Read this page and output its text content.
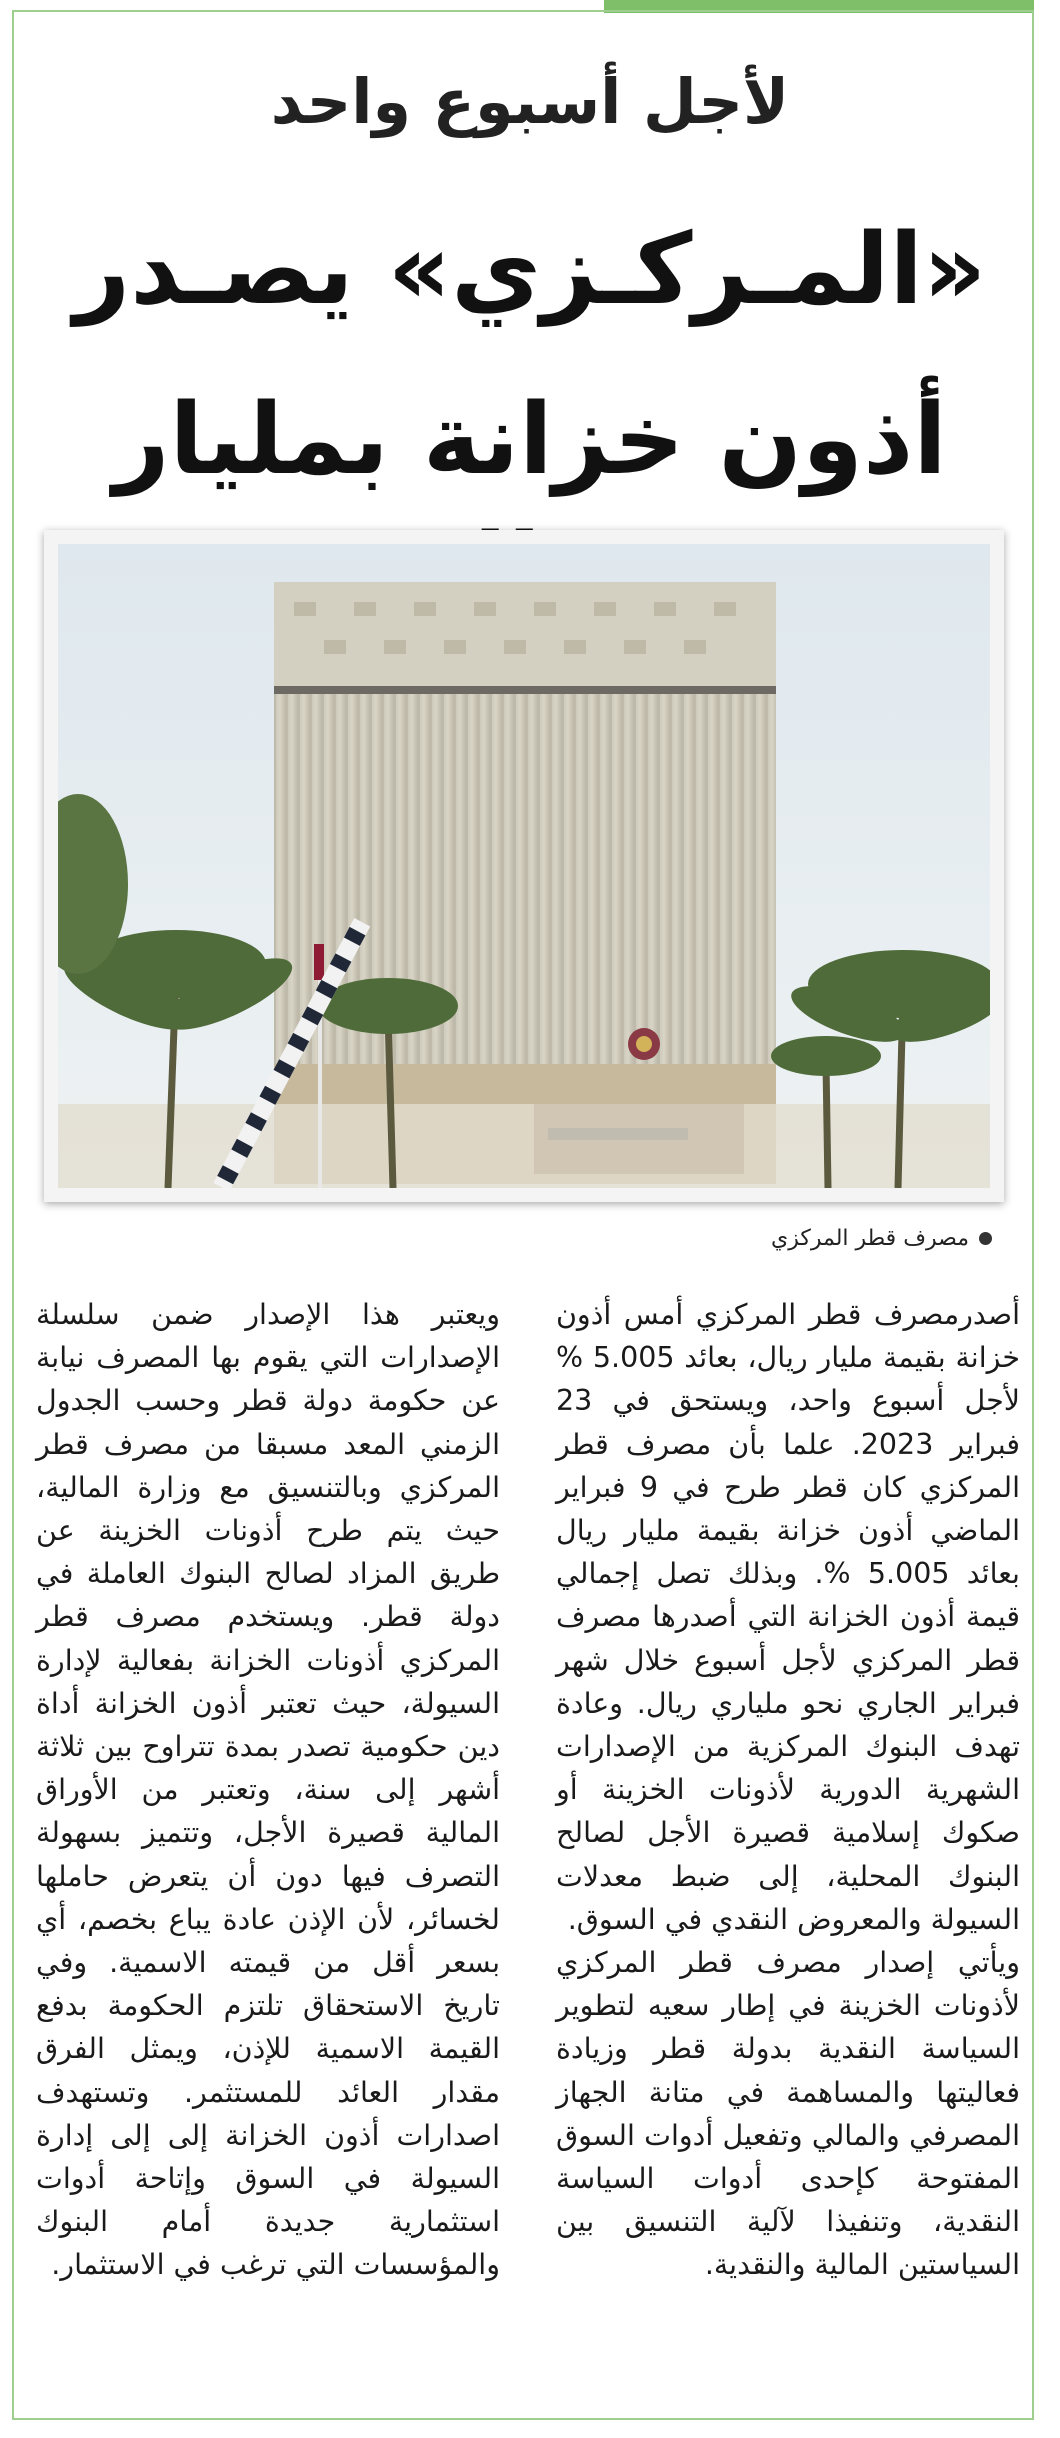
لأجل أسبوع واحد
«المـركـزي» يصـدر
أذون خزانة بمليار

مصرف قطر المركزي

أصدرمصرف قطر المركزي أمس أذون خزانة بقيمة مليار ريال، بعائد 5.005 % لأجل أسبوع واحد، ويستحق في 23 فبراير 2023. علما بأن مصرف قطر المركزي كان قطر طرح في 9 فبراير الماضي أذون خزانة بقيمة مليار ريال بعائد 5.005 %. وبذلك تصل إجمالي قيمة أذون الخزانة التي أصدرها مصرف قطر المركزي لأجل أسبوع خلال شهر فبراير الجاري نحو ملياري ريال. وعادة تهدف البنوك المركزية من الإصدارات الشهرية الدورية لأذونات الخزينة أو صكوك إسلامية قصيرة الأجل لصالح البنوك المحلية، إلى ضبط معدلات السيولة والمعروض النقدي في السوق.

ويأتي إصدار مصرف قطر المركزي لأذونات الخزينة في إطار سعيه لتطوير السياسة النقدية بدولة قطر وزيادة فعاليتها والمساهمة في متانة الجهاز المصرفي والمالي وتفعيل أدوات السوق المفتوحة كإحدى أدوات السياسة النقدية، وتنفيذا لآلية التنسيق بين السياستين المالية والنقدية.

ويعتبر هذا الإصدار ضمن سلسلة الإصدارات التي يقوم بها المصرف نيابة عن حكومة دولة قطر وحسب الجدول الزمني المعد مسبقا من مصرف قطر المركزي وبالتنسيق مع وزارة المالية، حيث يتم طرح أذونات الخزينة عن طريق المزاد لصالح البنوك العاملة في دولة قطر. ويستخدم مصرف قطر المركزي أذونات الخزانة بفعالية لإدارة السيولة، حيث تعتبر أذون الخزانة أداة دين حكومية تصدر بمدة تتراوح بين ثلاثة أشهر إلى سنة، وتعتبر من الأوراق المالية قصيرة الأجل، وتتميز بسهولة التصرف فيها دون أن يتعرض حاملها لخسائر، لأن الإذن عادة يباع بخصم، أي بسعر أقل من قيمته الاسمية. وفي تاريخ الاستحقاق تلتزم الحكومة بدفع القيمة الاسمية للإذن، ويمثل الفرق مقدار العائد للمستثمر. وتستهدف اصدارات أذون الخزانة إلى إلى إدارة السيولة في السوق وإتاحة أدوات استثمارية جديدة أمام البنوك والمؤسسات التي ترغب في الاستثمار.
